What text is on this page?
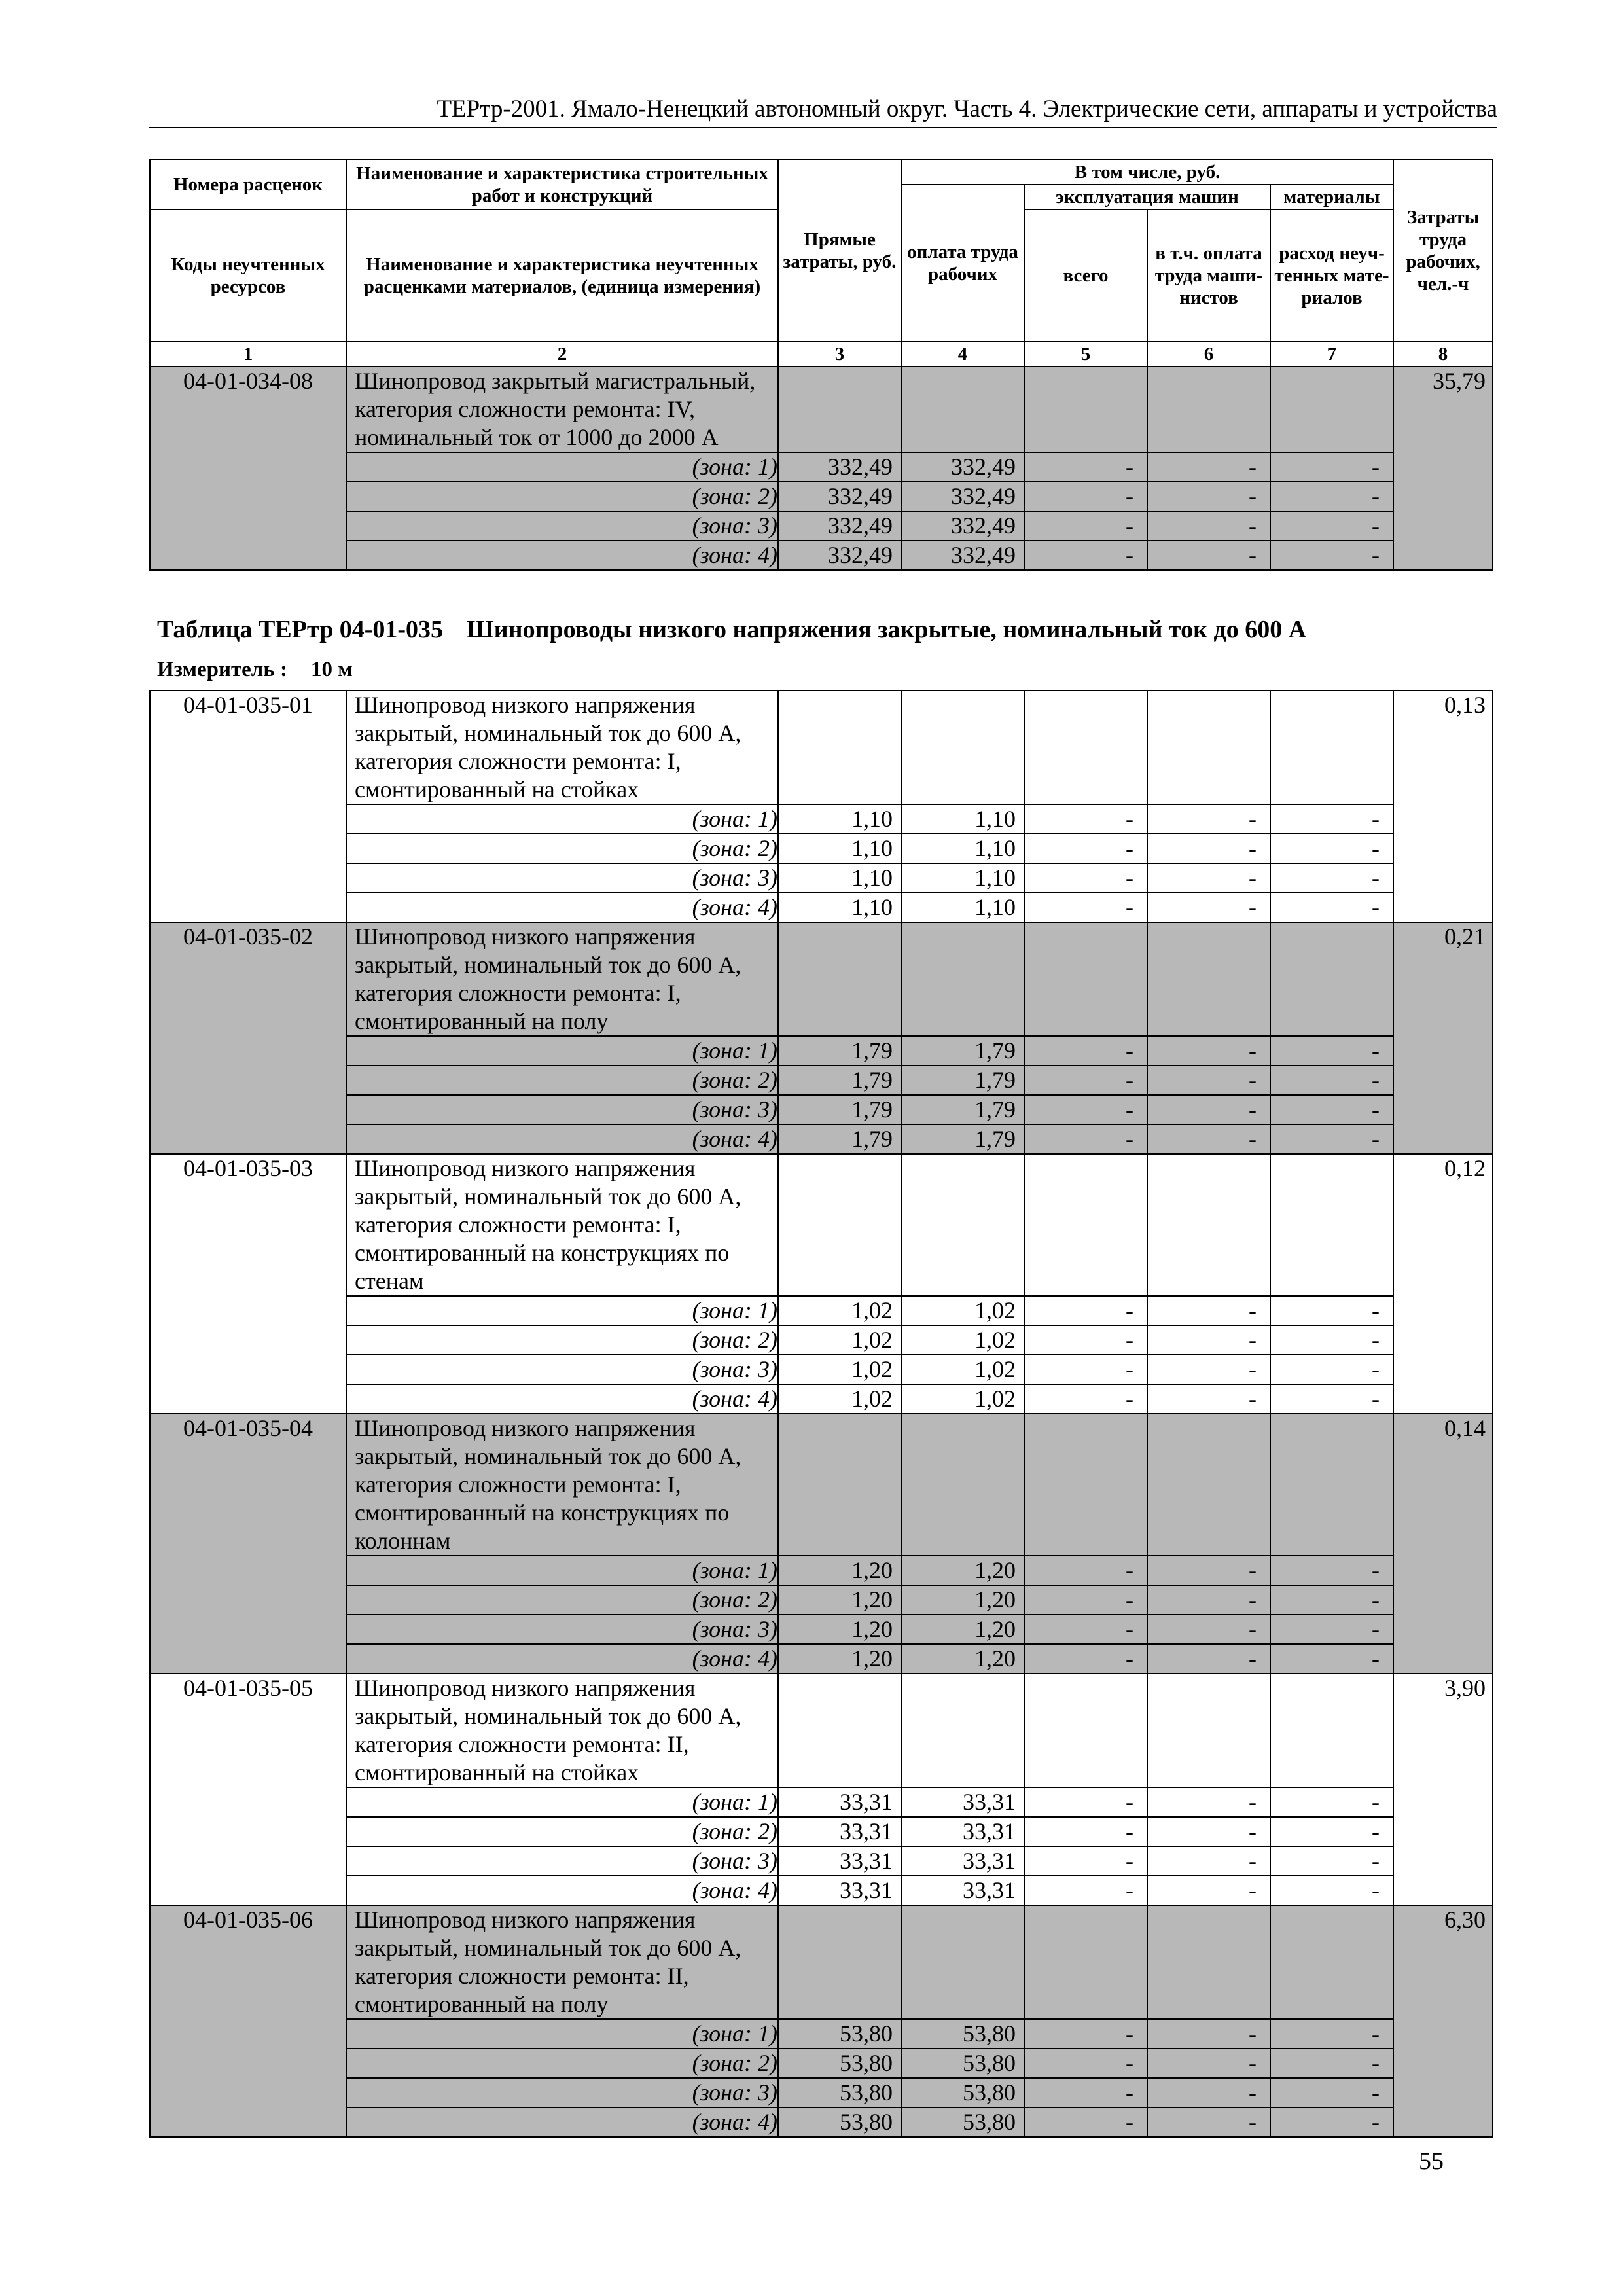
ТЕРтр-2001. Ямало-Ненецкий автономный округ. Часть 4. Электрические сети, аппараты и устройства
Номера расценок	Наименование и характеристика строительных работ и конструкций	Прямые затраты, руб.	В том числе, руб.				Затраты труда рабочих, чел.-ч
			оплата труда рабочих	эксплуатация машин		материалы	
Коды неучтенных ресурсов	Наименование и характеристика неучтенных расценками материалов, (единица измерения)			всего	в т.ч. оплата труда маши-нистов	расход неуч-тенных мате-риалов	

1	2	3	4	5	6	7	8
04-01-034-08	Шинопровод закрытый магистральный, категория сложности ремонта: IV, номинальный ток от 1000 до 2000 А						35,79
	(зона: 1)	332,49	332,49	-	-	-	
	(зона: 2)	332,49	332,49	-	-	-	
	(зона: 3)	332,49	332,49	-	-	-	
	(зона: 4)	332,49	332,49	-	-	-	
Таблица ТЕРтр 04-01-035 Шинопроводы низкого напряжения закрытые, номинальный ток до 600 А
Измеритель : 10 м
04-01-035-01	Шинопровод низкого напряжения закрытый, номинальный ток до 600 А, категория сложности ремонта: I, смонтированный на стойках						0,13
	(зона: 1)	1,10	1,10	-	-	-	
	(зона: 2)	1,10	1,10	-	-	-	
	(зона: 3)	1,10	1,10	-	-	-	
	(зона: 4)	1,10	1,10	-	-	-	
04-01-035-02	Шинопровод низкого напряжения закрытый, номинальный ток до 600 А, категория сложности ремонта: I, смонтированный на полу						0,21
	(зона: 1)	1,79	1,79	-	-	-	
	(зона: 2)	1,79	1,79	-	-	-	
	(зона: 3)	1,79	1,79	-	-	-	
	(зона: 4)	1,79	1,79	-	-	-	
04-01-035-03	Шинопровод низкого напряжения закрытый, номинальный ток до 600 А, категория сложности ремонта: I, смонтированный на конструкциях по стенам						0,12
	(зона: 1)	1,02	1,02	-	-	-	
	(зона: 2)	1,02	1,02	-	-	-	
	(зона: 3)	1,02	1,02	-	-	-	
	(зона: 4)	1,02	1,02	-	-	-	
04-01-035-04	Шинопровод низкого напряжения закрытый, номинальный ток до 600 А, категория сложности ремонта: I, смонтированный на конструкциях по колоннам						0,14
	(зона: 1)	1,20	1,20	-	-	-	
	(зона: 2)	1,20	1,20	-	-	-	
	(зона: 3)	1,20	1,20	-	-	-	
	(зона: 4)	1,20	1,20	-	-	-	
04-01-035-05	Шинопровод низкого напряжения закрытый, номинальный ток до 600 А, категория сложности ремонта: II, смонтированный на стойках						3,90
	(зона: 1)	33,31	33,31	-	-	-	
	(зона: 2)	33,31	33,31	-	-	-	
	(зона: 3)	33,31	33,31	-	-	-	
	(зона: 4)	33,31	33,31	-	-	-	
04-01-035-06	Шинопровод низкого напряжения закрытый, номинальный ток до 600 А, категория сложности ремонта: II, смонтированный на полу						6,30
	(зона: 1)	53,80	53,80	-	-	-	
	(зона: 2)	53,80	53,80	-	-	-	
	(зона: 3)	53,80	53,80	-	-	-	
	(зона: 4)	53,80	53,80	-	-	-	
55
